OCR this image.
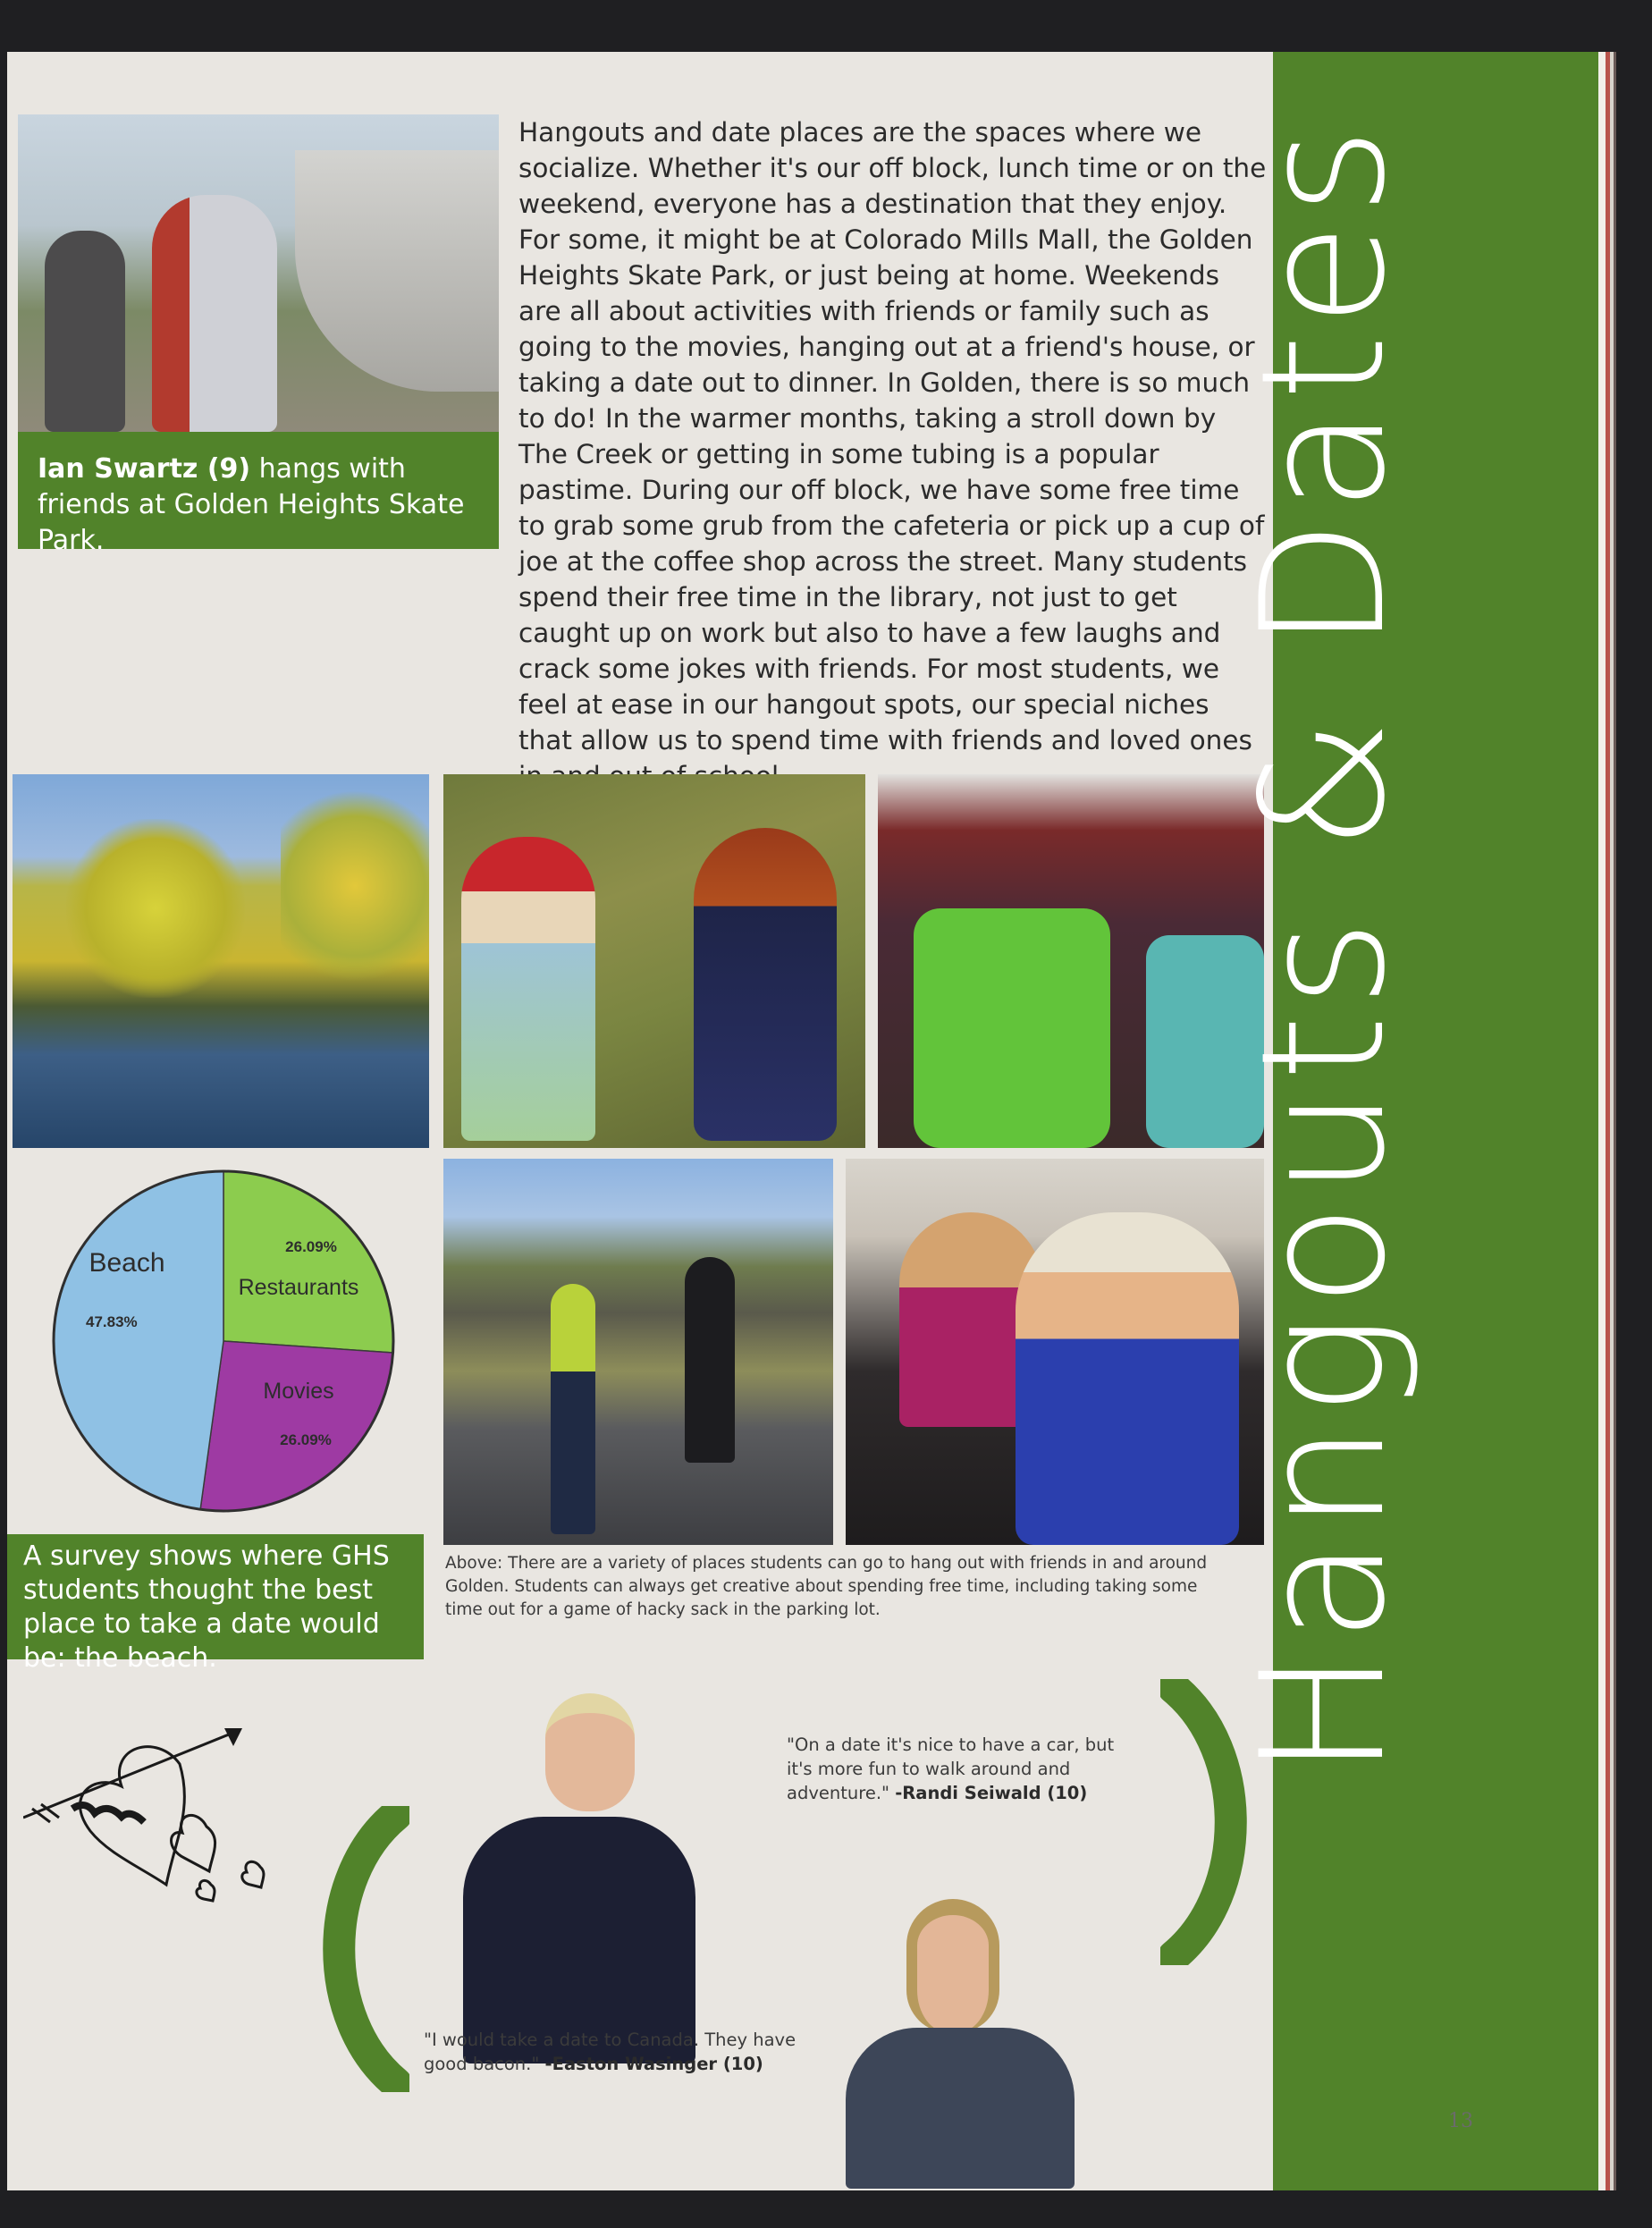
Ian Swartz (9) hangs with friends at Golden Heights Skate Park.
Hangouts and date places are the spaces where we socialize. Whether it's our off block, lunch time or on the weekend, everyone has a destination that they enjoy. For some, it might be at Colorado Mills Mall, the Golden Heights Skate Park, or just being at home. Weekends are all about activities with friends or family such as going to the movies, hanging out at a friend's house, or taking a date out to dinner. In Golden, there is so much to do! In the warmer months, taking a stroll down by The Creek or getting in some tubing is a popular pastime. During our off block, we have some free time to grab some grub from the cafeteria or pick up a cup of joe at the coffee shop across the street. Many students spend their free time in the library, not just to get caught up on work but also to have a few laughs and crack some jokes with friends. For most students, we feel at ease in our hangout spots, our special niches that allow us to spend time with friends and loved ones
Beach
47.83%
Restaurants
26.09%
Movies
26.09%
A survey shows where GHS students thought the best place to take a date would be: the beach.
Above: There are a variety of places students can go to hang out with friends in and around Golden. Students can always get creative about spending free time, including taking some time out for a game of hacky sack in the parking lot.
"On a date it's nice to have a car, but it's more fun to walk around and adventure." -Randi Seiwald (10)
"I would take a date to Canada. They have good bacon." -Easton Wasinger (10)
Hangouts & Dates
13
